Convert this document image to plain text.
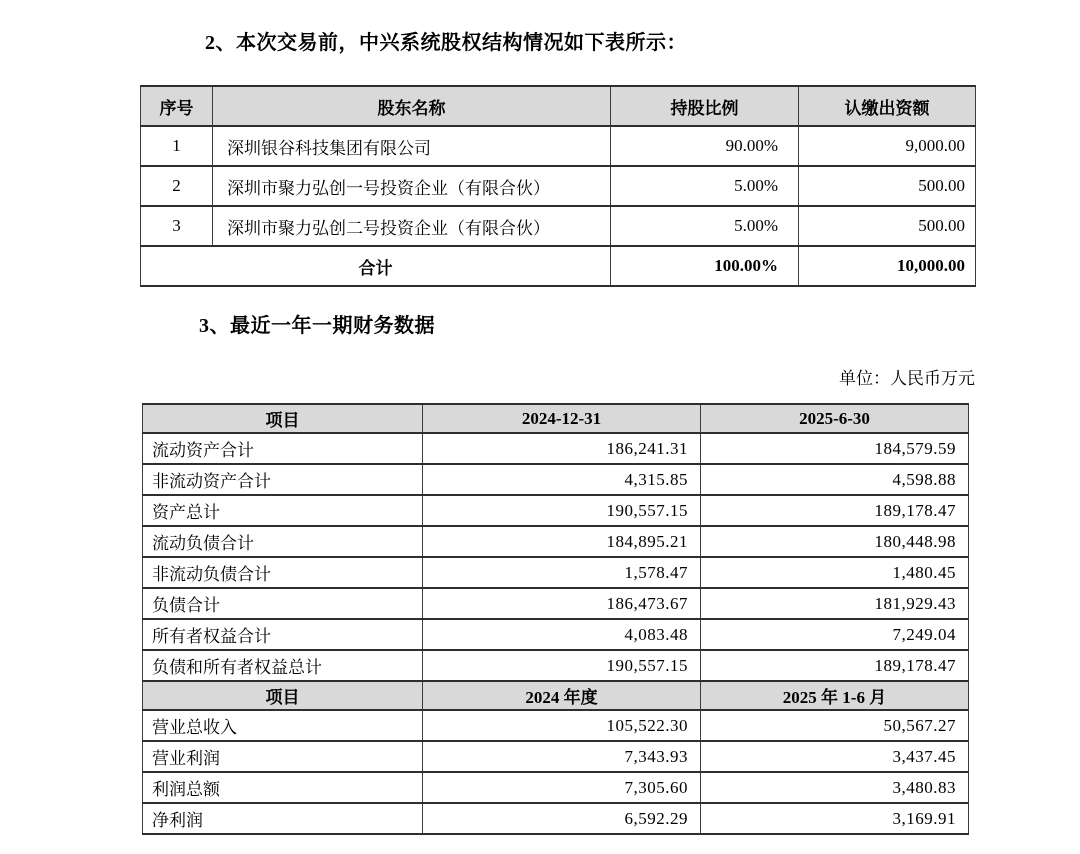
2、本次交易前，中兴系统股权结构情况如下表所示：
序号	股东名称	持股比例	认缴出资额
1	深圳银谷科技集团有限公司	90.00%	9,000.00
2	深圳市聚力弘创一号投资企业（有限合伙）	5.00%	500.00
3	深圳市聚力弘创二号投资企业（有限合伙）	5.00%	500.00
合计		100.00%	10,000.00
3、最近一年一期财务数据
单位：人民币万元
项目	2024-12-31	2025-6-30
流动资产合计	186,241.31	184,579.59
非流动资产合计	4,315.85	4,598.88
资产总计	190,557.15	189,178.47
流动负债合计	184,895.21	180,448.98
非流动负债合计	1,578.47	1,480.45
负债合计	186,473.67	181,929.43
所有者权益合计	4,083.48	7,249.04
负债和所有者权益总计	190,557.15	189,178.47
项目	2024 年度	2025 年 1-6 月
营业总收入	105,522.30	50,567.27
营业利润	7,343.93	3,437.45
利润总额	7,305.60	3,480.83
净利润	6,592.29	3,169.91
